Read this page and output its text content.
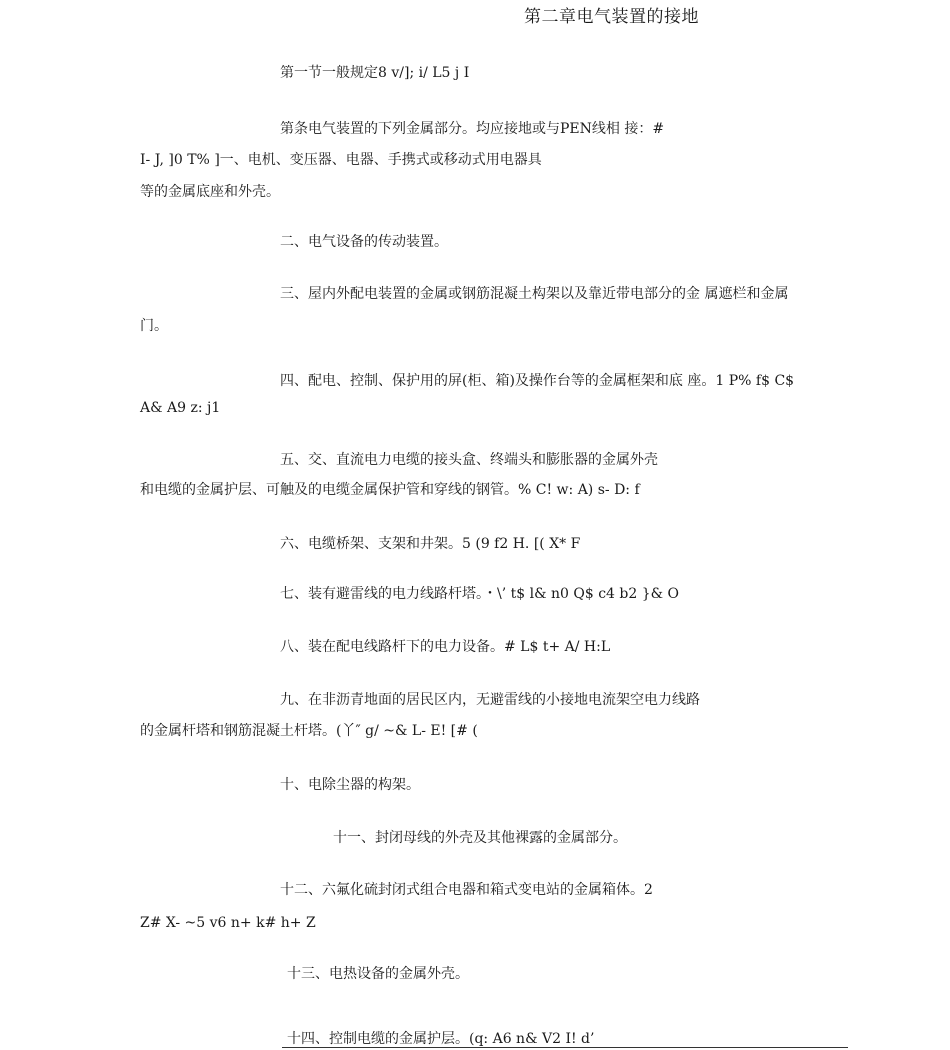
第二章电气装置的接地
第一节一般规定8 v/]; i/ L5 j I
第条电气装置的下列金属部分。均应接地或与PEN线相 接：#
I- J, ]0 T% ]一、电机、变压器、电器、手携式或移动式用电器具
等的金属底座和外壳。
二、电气设备的传动装置。
三、屋内外配电装置的金属或钢筋混凝土构架以及靠近带电部分的金 属遮栏和金属
门。
四、配电、控制、保护用的屏(柜、箱)及操作台等的金属框架和底 座。1 P% f$ C$
A& A9 z: j1
五、交、直流电力电缆的接头盒、终端头和膨胀器的金属外壳
和电缆的金属护层、可触及的电缆金属保护管和穿线的钢管。% C! w: A) s- D: f
六、电缆桥架、支架和井架。5 (9 f2 H. [( X* F
七、装有避雷线的电力线路杆塔。・\’ t$ l& n0 Q$ c4 b2 }& O
八、装在配电线路杆下的电力设备。# L$ t+ A/ H:L
九、在非沥青地面的居民区内，无避雷线的小接地电流架空电力线路
的金属杆塔和钢筋混凝土杆塔。(丫″ g/ ~& L- E! [# (
十、电除尘器的构架。
十一、封闭母线的外壳及其他裸露的金属部分。
十二、六氟化硫封闭式组合电器和箱式变电站的金属箱体。2
Z# X- ~5 v6 n+ k# h+ Z
十三、电热设备的金属外壳。
十四、控制电缆的金属护层。(q: A6 n& V2 I! d’
